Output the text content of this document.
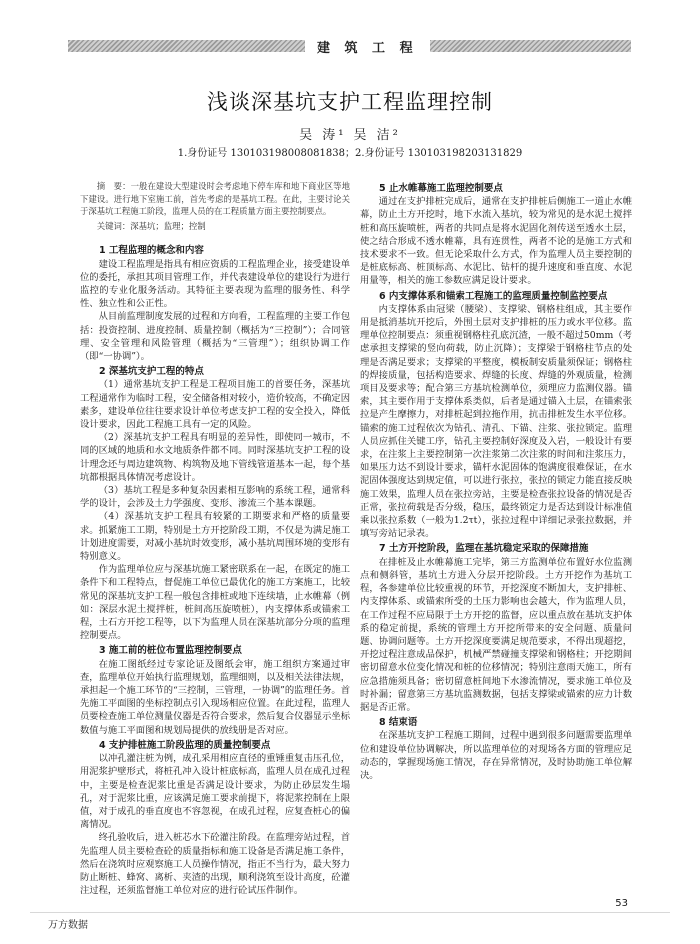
建 筑 工 程
浅谈深基坑支护工程监理控制
吴 涛¹ 吴 洁²
1.身份证号 13010319800808183​8；2.身份证号 130103198203131829

摘　要：一般在建设大型建设时会考虑地下停车库和地下商业区等地下建设。进行地下室施工前，首先考虑的是基坑工程。在此，主要讨论关于深基坑工程施工阶段，监理人员的在工程质量方面主要控制要点。

关键词：深基坑；监理；控制

1 工程监理的概念和内容

建设工程监理是指具有相应资质的工程监理企业，接受建设单位的委托，承担其项目管理工作，并代表建设单位的建设行为进行监控的专业化服务活动。其特征主要表现为监理的服务性、科学性、独立性和公正性。

从目前监理制度发展的过程和方向看，工程监理的主要工作包括：投资控制、进度控制、质量控制（概括为“三控制”）；合同管理、安全管理和风险管理（概括为“三管理”）；组织协调工作（即“一协调”）。

2 深基坑支护工程的特点

（1）通常基坑支护工程是工程项目施工的首要任务，深基坑工程通常作为临时工程，安全储备相对较小，造价较高，不确定因素多，建设单位往往要求设计单位考虑支护工程的安全投入，降低设计要求，因此工程施工具有一定的风险。

（2）深基坑支护工程具有明显的差异性，即使同一城市，不同的区域的地质和水文地质条件都不同。同时深基坑支护工程的设计理念还与周边建筑物、构筑物及地下管线管道基本一起，每个基坑都根据具体情况考虑设计。

（3）基坑工程是多种复杂因素相互影响的系统工程，通常科学的设计，会涉及土力学强度、变形、渗流三个基本课题。

（4）深基坑支护工程具有较紧的工期要求和严格的质量要求。抓紧施工工期，特别是土方开挖阶段工期，不仅是为满足施工计划进度需要，对减小基坑时效变形，减小基坑周围环境的变形有特别意义。

作为监理单位应与深基坑施工紧密联系在一起，在既定的施工条件下和工程特点，督促施工单位已最优化的施工方案施工，比较常见的深基坑支护工程一般包含排桩或地下连续墙，止水帷幕（例如：深层水泥土搅拌桩，桩间高压旋喷桩），内支撑体系或锚索工程，土石方开挖工程等，以下为监理人员在深基坑部分分项的监理控制要点。

3 施工前的桩位布置监理控制要点

在施工图纸经过专家论证及图纸会审，施工组织方案通过审查，监理单位开始执行监理规划，监理细则，以及相关法律法规，承担起一个施工环节的“三控制，三管理，一协调”的监理任务。首先施工平面图的坐标控制点引入现场相应位置。在此过程，监理人员要检查施工单位测量仪器是否符合要求，然后复合仪器显示坐标数值与施工平面图和规划局提供的放线册是否对应。

4 支护排桩施工阶段监理的质量控制要点

以冲孔灌注桩为例，成孔采用相应直径的重锤重复击压孔位，用泥浆护壁形式，将桩孔冲入设计桩底标高，监理人员在成孔过程中，主要是检查泥浆比重是否满足设计要求，为防止砂层发生塌孔，对于泥浆比重，应该满足施工要求前提下，将泥浆控制在上限值，对于成孔的垂直度也不容忽视，在成孔过程，应复查桩心的偏离情况。

终孔验收后，进入桩芯水下砼灌注阶段。在监理旁站过程，首先监理人员主要检查砼的质量指标和施工设备是否满足施工条件，然后在浇筑时应观察施工人员操作情况，指正不当行为，最大努力防止断桩、蜂窝、离析、夹渣的出现，顺利浇筑至设计高度，砼灌注过程，还须监督施工单位对应的进行砼试压件制作。

5 止水帷幕施工监理控制要点

通过在支护排桩完成后，通常在支护排桩后侧施工一道止水帷幕，防止土方开挖时，地下水流入基坑，较为常见的是水泥土搅拌桩和高压旋喷桩，两者的共同点是将水泥固化剂传送至透水土层，使之结合形成不透水帷幕，具有连贯性，两者不论的是施工方式和技术要求不一致。但无论采取什么方式，作为监理人员主要控制的是桩底标高、桩顶标高、水泥比、钻杆的提升速度和垂直度、水泥用量等，相关的施工参数应满足设计要求。

6 内支撑体系和锚索工程施工的监理质量控制监控要点

内支撑体系由冠梁（腰梁）、支撑梁、钢格柱组成，其主要作用是抵消基坑开挖后，外围土层对支护排桩的压力或水平位移。监理单位控制要点：须重视钢格柱孔底沉渣，一般不超过50mm（考虑承担支撑梁的竖向荷载，防止沉降）；支撑梁于钢格柱节点的处理是否满足要求；支撑梁的平整度，模板制安质量须保证；钢格柱的焊接质量，包括构造要求、焊缝的长度、焊缝的外观质量，检测项目及要求等；配合第三方基坑检测单位，须理应力监测仪器。锚索，其主要作用于支撑体系类似，后者是通过锚入土层，在锚索张拉是产生摩擦力，对排桩起到拉拖作用，抗击排桩发生水平位移。锚索的施工过程依次为钻孔、清孔、下锚、注浆、张拉锁定。监理人员应抓住关键工序，钻孔主要控制好深度及入岩，一般设计有要求，在注浆上主要控制第一次注浆第二次注浆的时间和注浆压力，如果压力达不到设计要求，锚杆水泥固体的饱满度很难保证，在水泥固体强度达到规定值，可以进行张拉，张拉的锁定力能直接反映施工效果，监理人员在张拉旁站，主要是检查张拉设备的情况是否正常，张拉荷载是否分级，稳压，最终锁定力是否达到设计标准值乘以张拉系数（一般为1.2τt），张拉过程中详细记录张拉数据，并填写旁站记录表。

7 土方开挖阶段，监理在基坑稳定采取的保障措施

在排桩及止水帷幕施工完毕，第三方监测单位布置好水位监测点和侧斜管，基坑土方进入分层开挖阶段。土方开挖作为基坑工程，各参建单位比较重视的环节，开挖深度不断加大，支护排桩、内支撑体系、或锚索所受的土压力影响也会越大，作为监理人员，在工作过程不应局限于土方开挖的监督，应以重点放在基坑支护体系的稳定前提，系统的管理土方开挖所带来的安全问题、质量问题、协调问题等。土方开挖深度要满足规范要求，不得出现超挖，开挖过程注意成品保护，机械严禁碰撞支撑梁和钢格柱；开挖期间密切留意水位变化情况和桩的位移情况；特别注意雨天施工，所有应急措施须具备；密切留意桩间地下水渗流情况，要求施工单位及时补漏；留意第三方基坑监测数据，包括支撑梁或锚索的应力计数据是否正常。

8 结束语

在深基坑支护工程施工期间，过程中遇到很多问题需要监理单位和建设单位协调解决，所以监理单位的对现场各方面的管理应足动态的，掌握现场施工情况，存在异常情况，及时协助施工单位解决。

53
万方数据
